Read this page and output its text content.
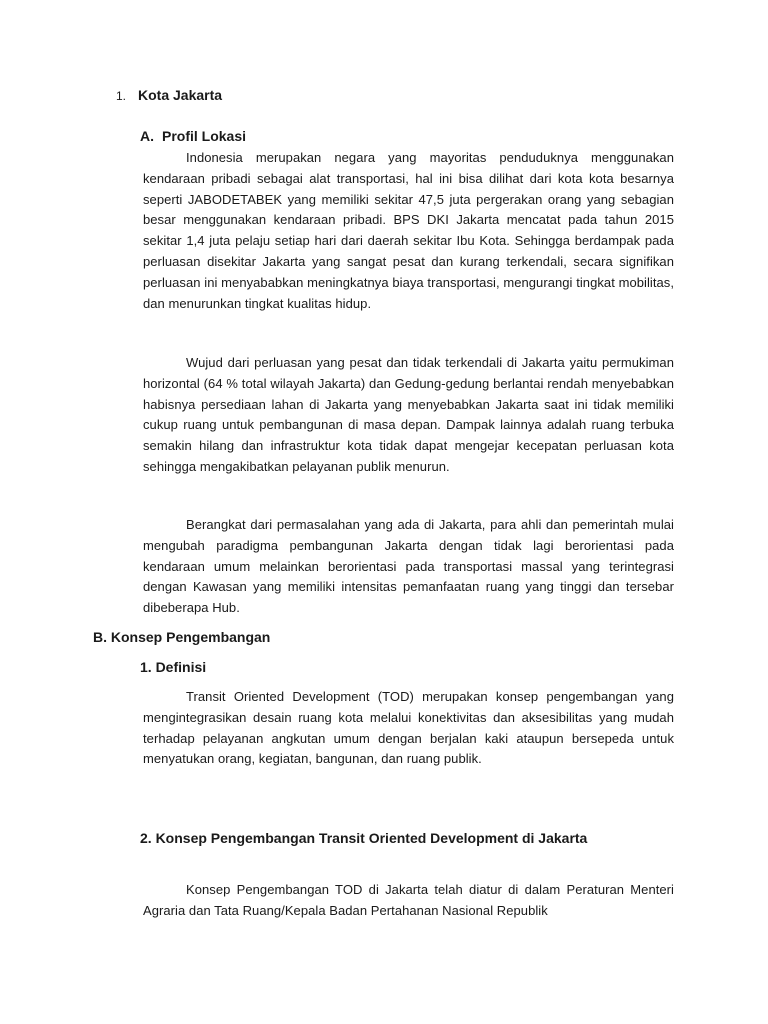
1. Kota Jakarta
A. Profil Lokasi

Indonesia merupakan negara yang mayoritas penduduknya menggunakan kendaraan pribadi sebagai alat transportasi, hal ini bisa dilihat dari kota kota besarnya seperti JABODETABEK yang memiliki sekitar 47,5 juta pergerakan orang yang sebagian besar menggunakan kendaraan pribadi. BPS DKI Jakarta mencatat pada tahun 2015 sekitar 1,4 juta pelaju setiap hari dari daerah sekitar Ibu Kota. Sehingga berdampak pada perluasan disekitar Jakarta yang sangat pesat dan kurang terkendali, secara signifikan perluasan ini menyababkan meningkatnya biaya transportasi, mengurangi tingkat mobilitas, dan menurunkan tingkat kualitas hidup.

Wujud dari perluasan yang pesat dan tidak terkendali di Jakarta yaitu permukiman horizontal (64 % total wilayah Jakarta) dan Gedung-gedung berlantai rendah menyebabkan habisnya persediaan lahan di Jakarta yang menyebabkan Jakarta saat ini tidak memiliki cukup ruang untuk pembangunan di masa depan. Dampak lainnya adalah ruang terbuka semakin hilang dan infrastruktur kota tidak dapat mengejar kecepatan perluasan kota sehingga mengakibatkan pelayanan publik menurun.

Berangkat dari permasalahan yang ada di Jakarta, para ahli dan pemerintah mulai mengubah paradigma pembangunan Jakarta dengan tidak lagi berorientasi pada kendaraan umum melainkan berorientasi pada transportasi massal yang terintegrasi dengan Kawasan yang memiliki intensitas pemanfaatan ruang yang tinggi dan tersebar dibeberapa Hub.

B. Konsep Pengembangan
1. Definisi

Transit Oriented Development (TOD) merupakan konsep pengembangan yang mengintegrasikan desain ruang kota melalui konektivitas dan aksesibilitas yang mudah terhadap pelayanan angkutan umum dengan berjalan kaki ataupun bersepeda untuk menyatukan orang, kegiatan, bangunan, dan ruang publik.

2. Konsep Pengembangan Transit Oriented Development di Jakarta

Konsep Pengembangan TOD di Jakarta telah diatur di dalam Peraturan Menteri Agraria dan Tata Ruang/Kepala Badan Pertahanan Nasional Republik
